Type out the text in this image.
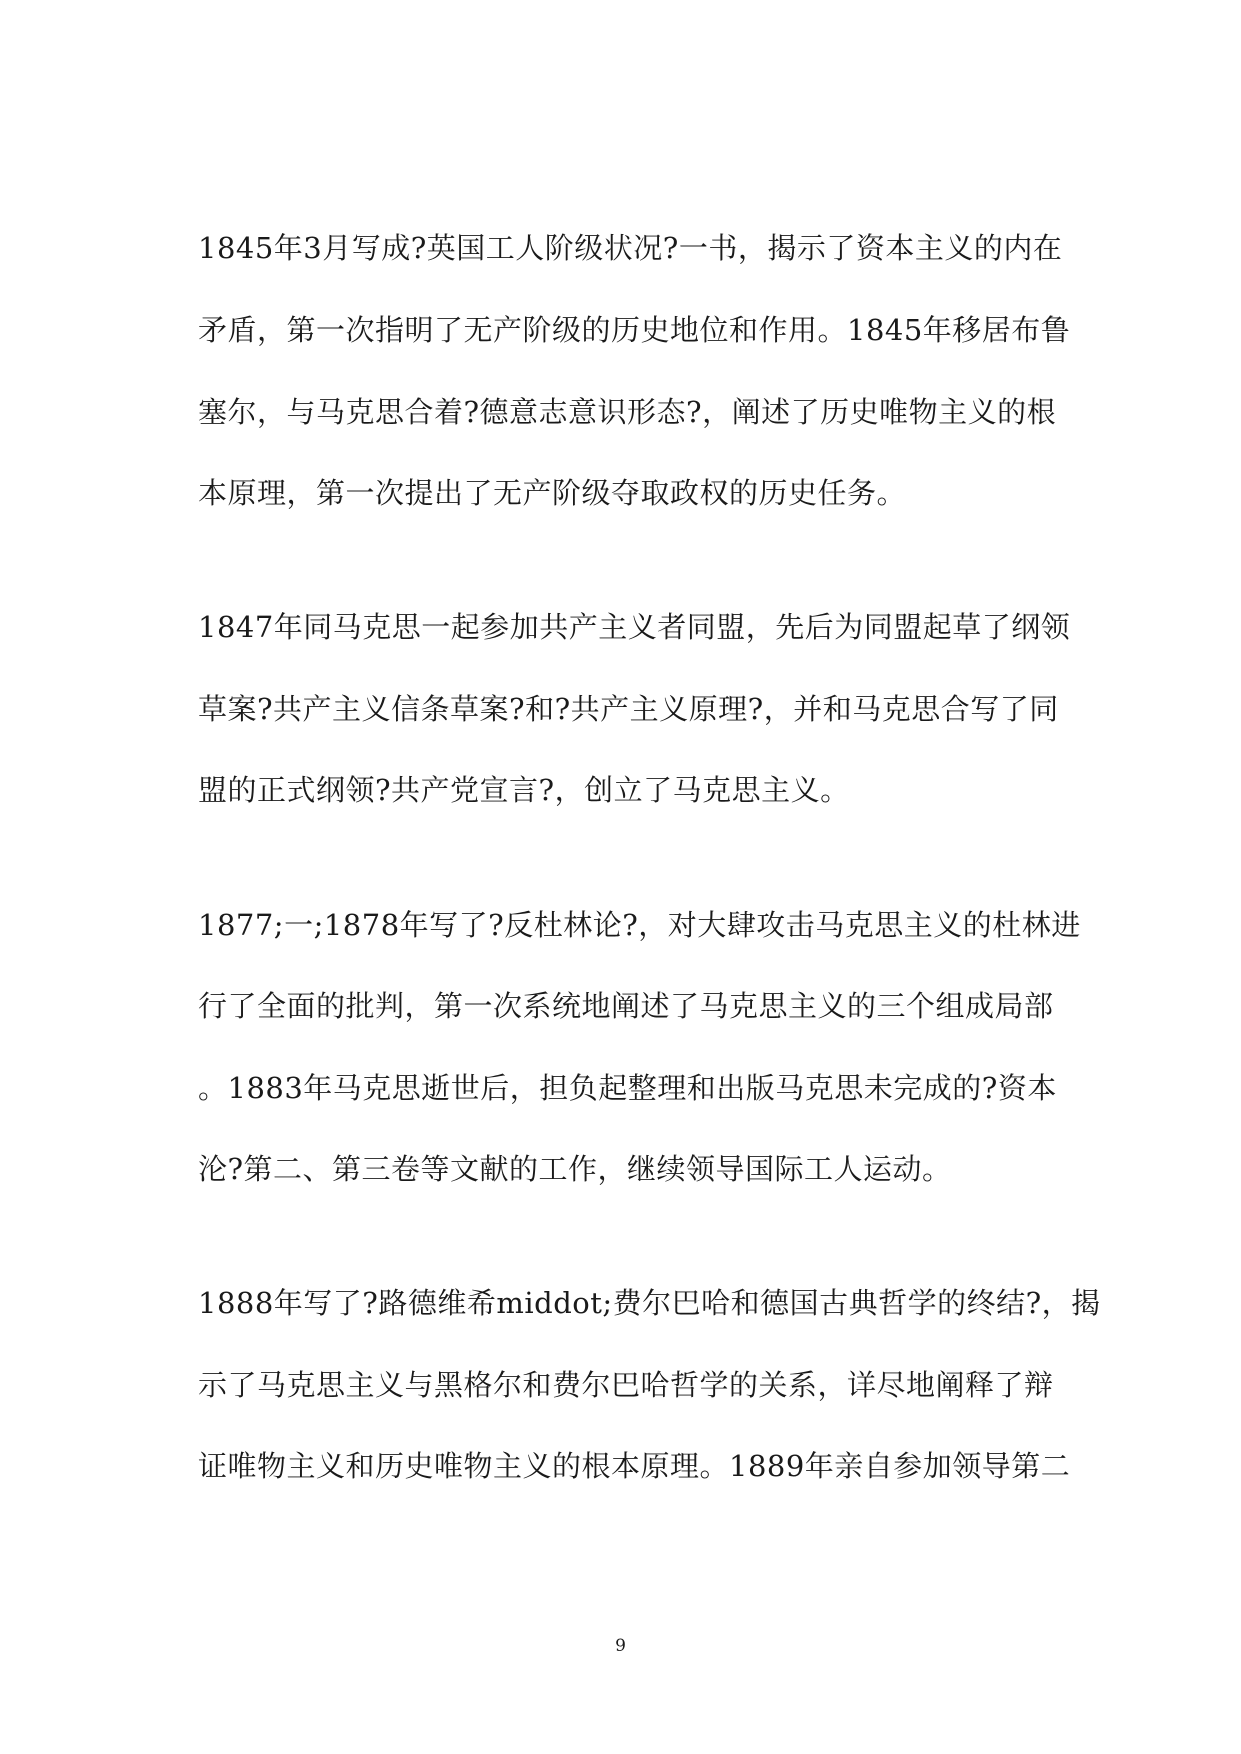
1845年3月写成?英国工人阶级状况?一书，揭示了资本主义的内在
矛盾，第一次指明了无产阶级的历史地位和作用。1845年移居布鲁
塞尔，与马克思合着?德意志意识形态?，阐述了历史唯物主义的根
本原理，第一次提出了无产阶级夺取政权的历史任务。
1847年同马克思一起参加共产主义者同盟，先后为同盟起草了纲领
草案?共产主义信条草案?和?共产主义原理?，并和马克思合写了同
盟的正式纲领?共产党宣言?，创立了马克思主义。
1877;一;1878年写了?反杜林论?，对大肆攻击马克思主义的杜林进
行了全面的批判，第一次系统地阐述了马克思主义的三个组成局部
。1883年马克思逝世后，担负起整理和出版马克思未完成的?资本
沦?第二、第三卷等文献的工作，继续领导国际工人运动。
1888年写了?路德维希middot;费尔巴哈和德国古典哲学的终结?，揭
示了马克思主义与黑格尔和费尔巴哈哲学的关系，详尽地阐释了辩
证唯物主义和历史唯物主义的根本原理。1889年亲自参加领导第二
9
